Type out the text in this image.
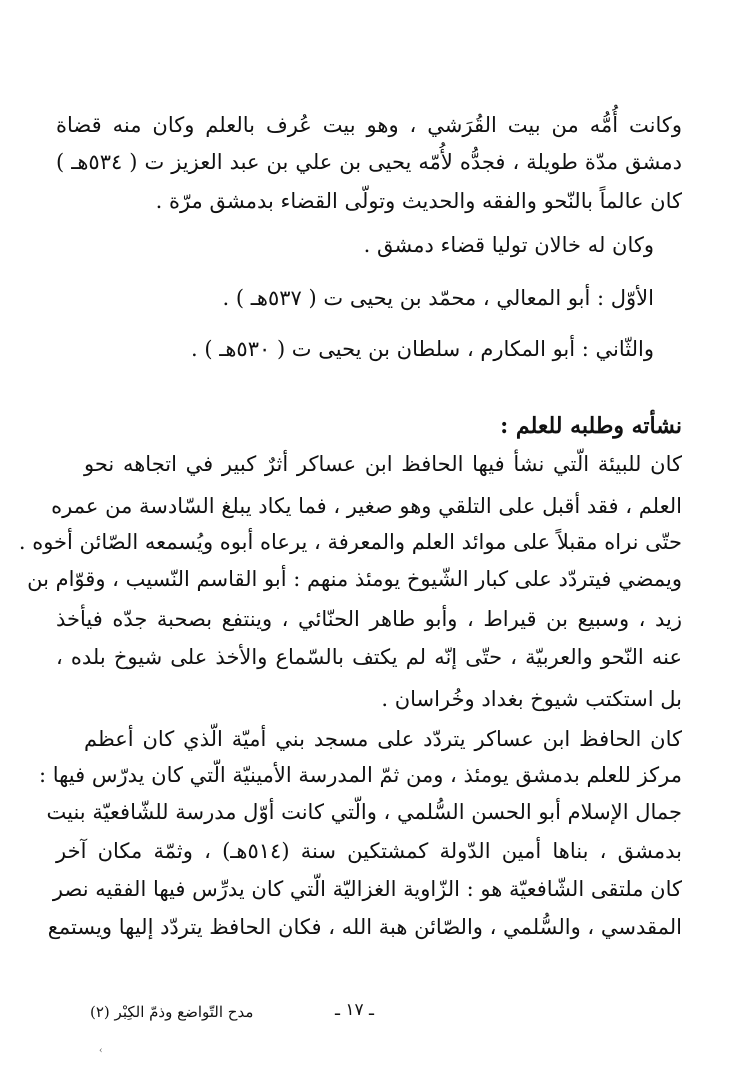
وكانت أُمُّه من بيت القُرَشي ، وهو بيت عُرف بالعلم وكان منه قضاة
دمشق مدّة طويلة ، فجدُّه لأُمّه يحيى بن علي بن عبد العزيز ت ( ٥٣٤هـ )
كان عالماً بالنّحو والفقه والحديث وتولّى القضاء بدمشق مرّة .
وكان له خالان توليا قضاء دمشق .
الأوّل : أبو المعالي ، محمّد بن يحيى ت ( ٥٣٧هـ ) .
والثّاني : أبو المكارم ، سلطان بن يحيى ت ( ٥٣٠هـ ) .
نشأته وطلبه للعلم :
كان للبيئة الّتي نشأ فيها الحافظ ابن عساكر أثرٌ كبير في اتجاهه نحو
العلم ، فقد أقبل على التلقي وهو صغير ، فما يكاد يبلغ السّادسة من عمره
حتّى نراه مقبلاً على موائد العلم والمعرفة ، يرعاه أبوه ويُسمعه الصّائن أخوه .
ويمضي فيتردّد على كبار الشّيوخ يومئذ منهم : أبو القاسم النّسيب ، وقوّام بن
زيد ، وسبيع بن قيراط ، وأبو طاهر الحنّائي ، وينتفع بصحبة جدّه فيأخذ
عنه النّحو والعربيّة ، حتّى إنّه لم يكتف بالسّماع والأخذ على شيوخ بلده ،
بل استكتب شيوخ بغداد وخُراسان .
كان الحافظ ابن عساكر يتردّد على مسجد بني أميّة الّذي كان أعظم
مركز للعلم بدمشق يومئذ ، ومن ثمّ المدرسة الأمينيّة الّتي كان يدرّس فيها :
جمال الإسلام أبو الحسن السُّلمي ، والّتي كانت أوّل مدرسة للشّافعيّة بنيت
بدمشق ، بناها أمين الدّولة كمشتكين سنة (٥١٤هـ) ، وثمّة مكان آخر
كان ملتقى الشّافعيّة هو : الزّاوية الغزاليّة الّتي كان يدرِّس فيها الفقيه نصر
المقدسي ، والسُّلمي ، والصّائن هبة الله ، فكان الحافظ يتردّد إليها ويستمع
ـ ١٧ ـ
مدح التّواضع وذمّ الكِبْر (٢)
‹
